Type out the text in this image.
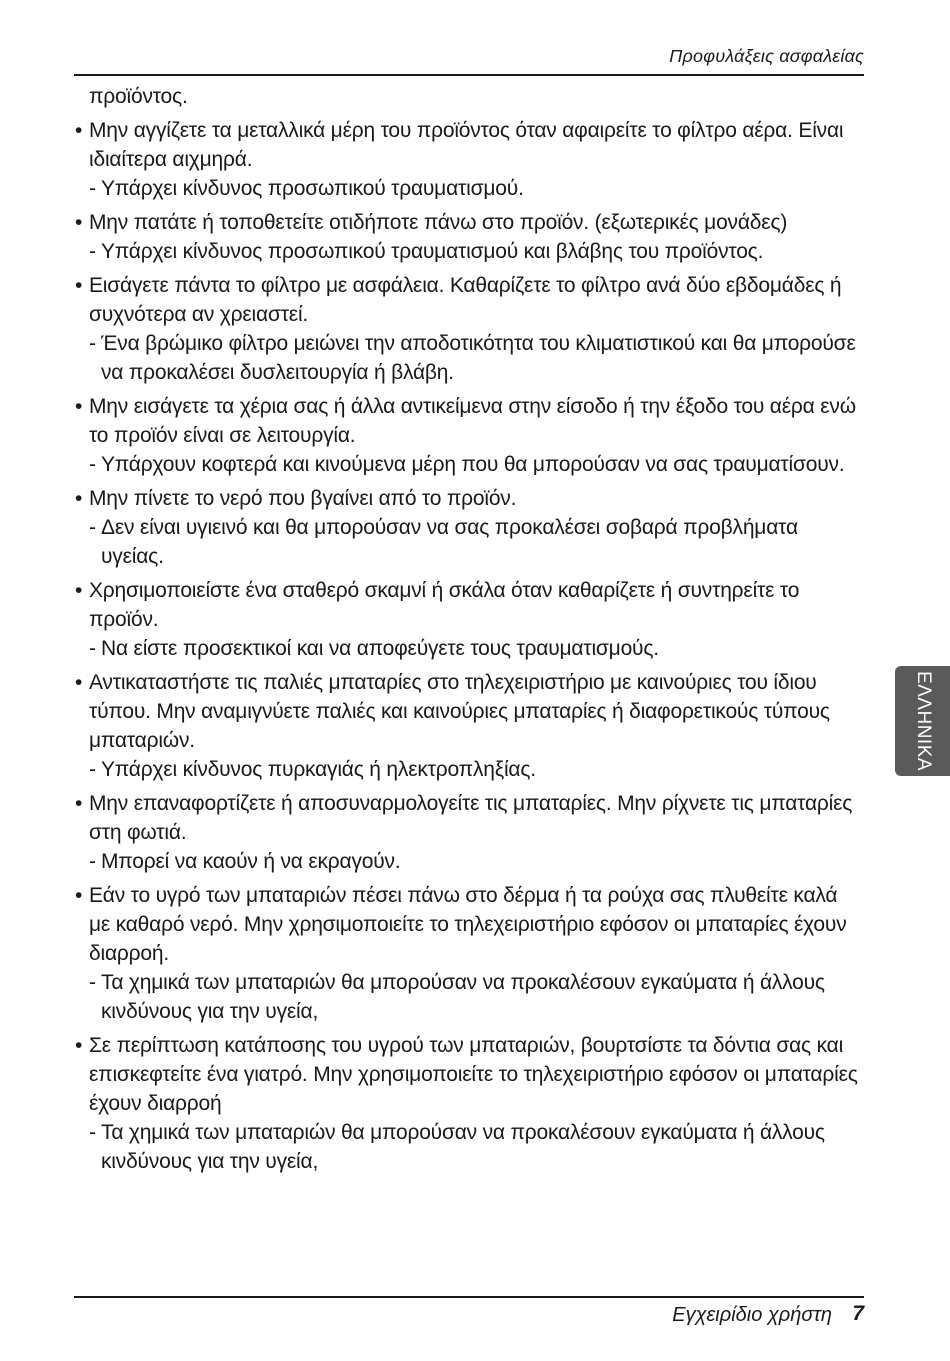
Προφυλάξεις ασφαλείας

προϊόντος.

• Μην αγγίζετε τα μεταλλικά μέρη του προϊόντος όταν αφαιρείτε το φίλτρο αέρα. Είναι ιδιαίτερα αιχμηρά.

- Υπάρχει κίνδυνος προσωπικού τραυματισμού.

• Μην πατάτε ή τοποθετείτε οτιδήποτε πάνω στο προϊόν. (εξωτερικές μονάδες)

- Υπάρχει κίνδυνος προσωπικού τραυματισμού και βλάβης του προϊόντος.

• Εισάγετε πάντα το φίλτρο με ασφάλεια. Καθαρίζετε το φίλτρο ανά δύο εβδομάδες ή συχνότερα αν χρειαστεί.

- Ένα βρώμικο φίλτρο μειώνει την αποδοτικότητα του κλιματιστικού και θα μπορούσε να προκαλέσει δυσλειτουργία ή βλάβη.

• Μην εισάγετε τα χέρια σας ή άλλα αντικείμενα στην είσοδο ή την έξοδο του αέρα ενώ το προϊόν είναι σε λειτουργία.

- Υπάρχουν κοφτερά και κινούμενα μέρη που θα μπορούσαν να σας τραυματίσουν.

• Μην πίνετε το νερό που βγαίνει από το προϊόν.

- Δεν είναι υγιεινό και θα μπορούσαν να σας προκαλέσει σοβαρά προβλήματα υγείας.

• Χρησιμοποιείστε ένα σταθερό σκαμνί ή σκάλα όταν καθαρίζετε ή συντηρείτε το προϊόν.

- Να είστε προσεκτικοί και να αποφεύγετε τους τραυματισμούς.

• Αντικαταστήστε τις παλιές μπαταρίες στο τηλεχειριστήριο με καινούριες του ίδιου τύπου. Μην αναμιγνύετε παλιές και καινούριες μπαταρίες ή διαφορετικούς τύπους μπαταριών.

- Υπάρχει κίνδυνος πυρκαγιάς ή ηλεκτροπληξίας.

• Μην επαναφορτίζετε ή αποσυναρμολογείτε τις μπαταρίες. Μην ρίχνετε τις μπαταρίες στη φωτιά.

- Μπορεί να καούν ή να εκραγούν.

• Εάν το υγρό των μπαταριών πέσει πάνω στο δέρμα ή τα ρούχα σας πλυθείτε καλά με καθαρό νερό. Μην χρησιμοποιείτε το τηλεχειριστήριο εφόσον οι μπαταρίες έχουν διαρροή.

- Τα χημικά των μπαταριών θα μπορούσαν να προκαλέσουν εγκαύματα ή άλλους κινδύνους για την υγεία,

• Σε περίπτωση κατάποσης του υγρού των μπαταριών, βουρτσίστε τα δόντια σας και επισκεφτείτε ένα γιατρό. Μην χρησιμοποιείτε το τηλεχειριστήριο εφόσον οι μπαταρίες έχουν διαρροή

- Τα χημικά των μπαταριών θα μπορούσαν να προκαλέσουν εγκαύματα ή άλλους κινδύνους για την υγεία,

ΕΛΛΗΝΙΚΑ
Εγχειρίδιο χρήστη 7
